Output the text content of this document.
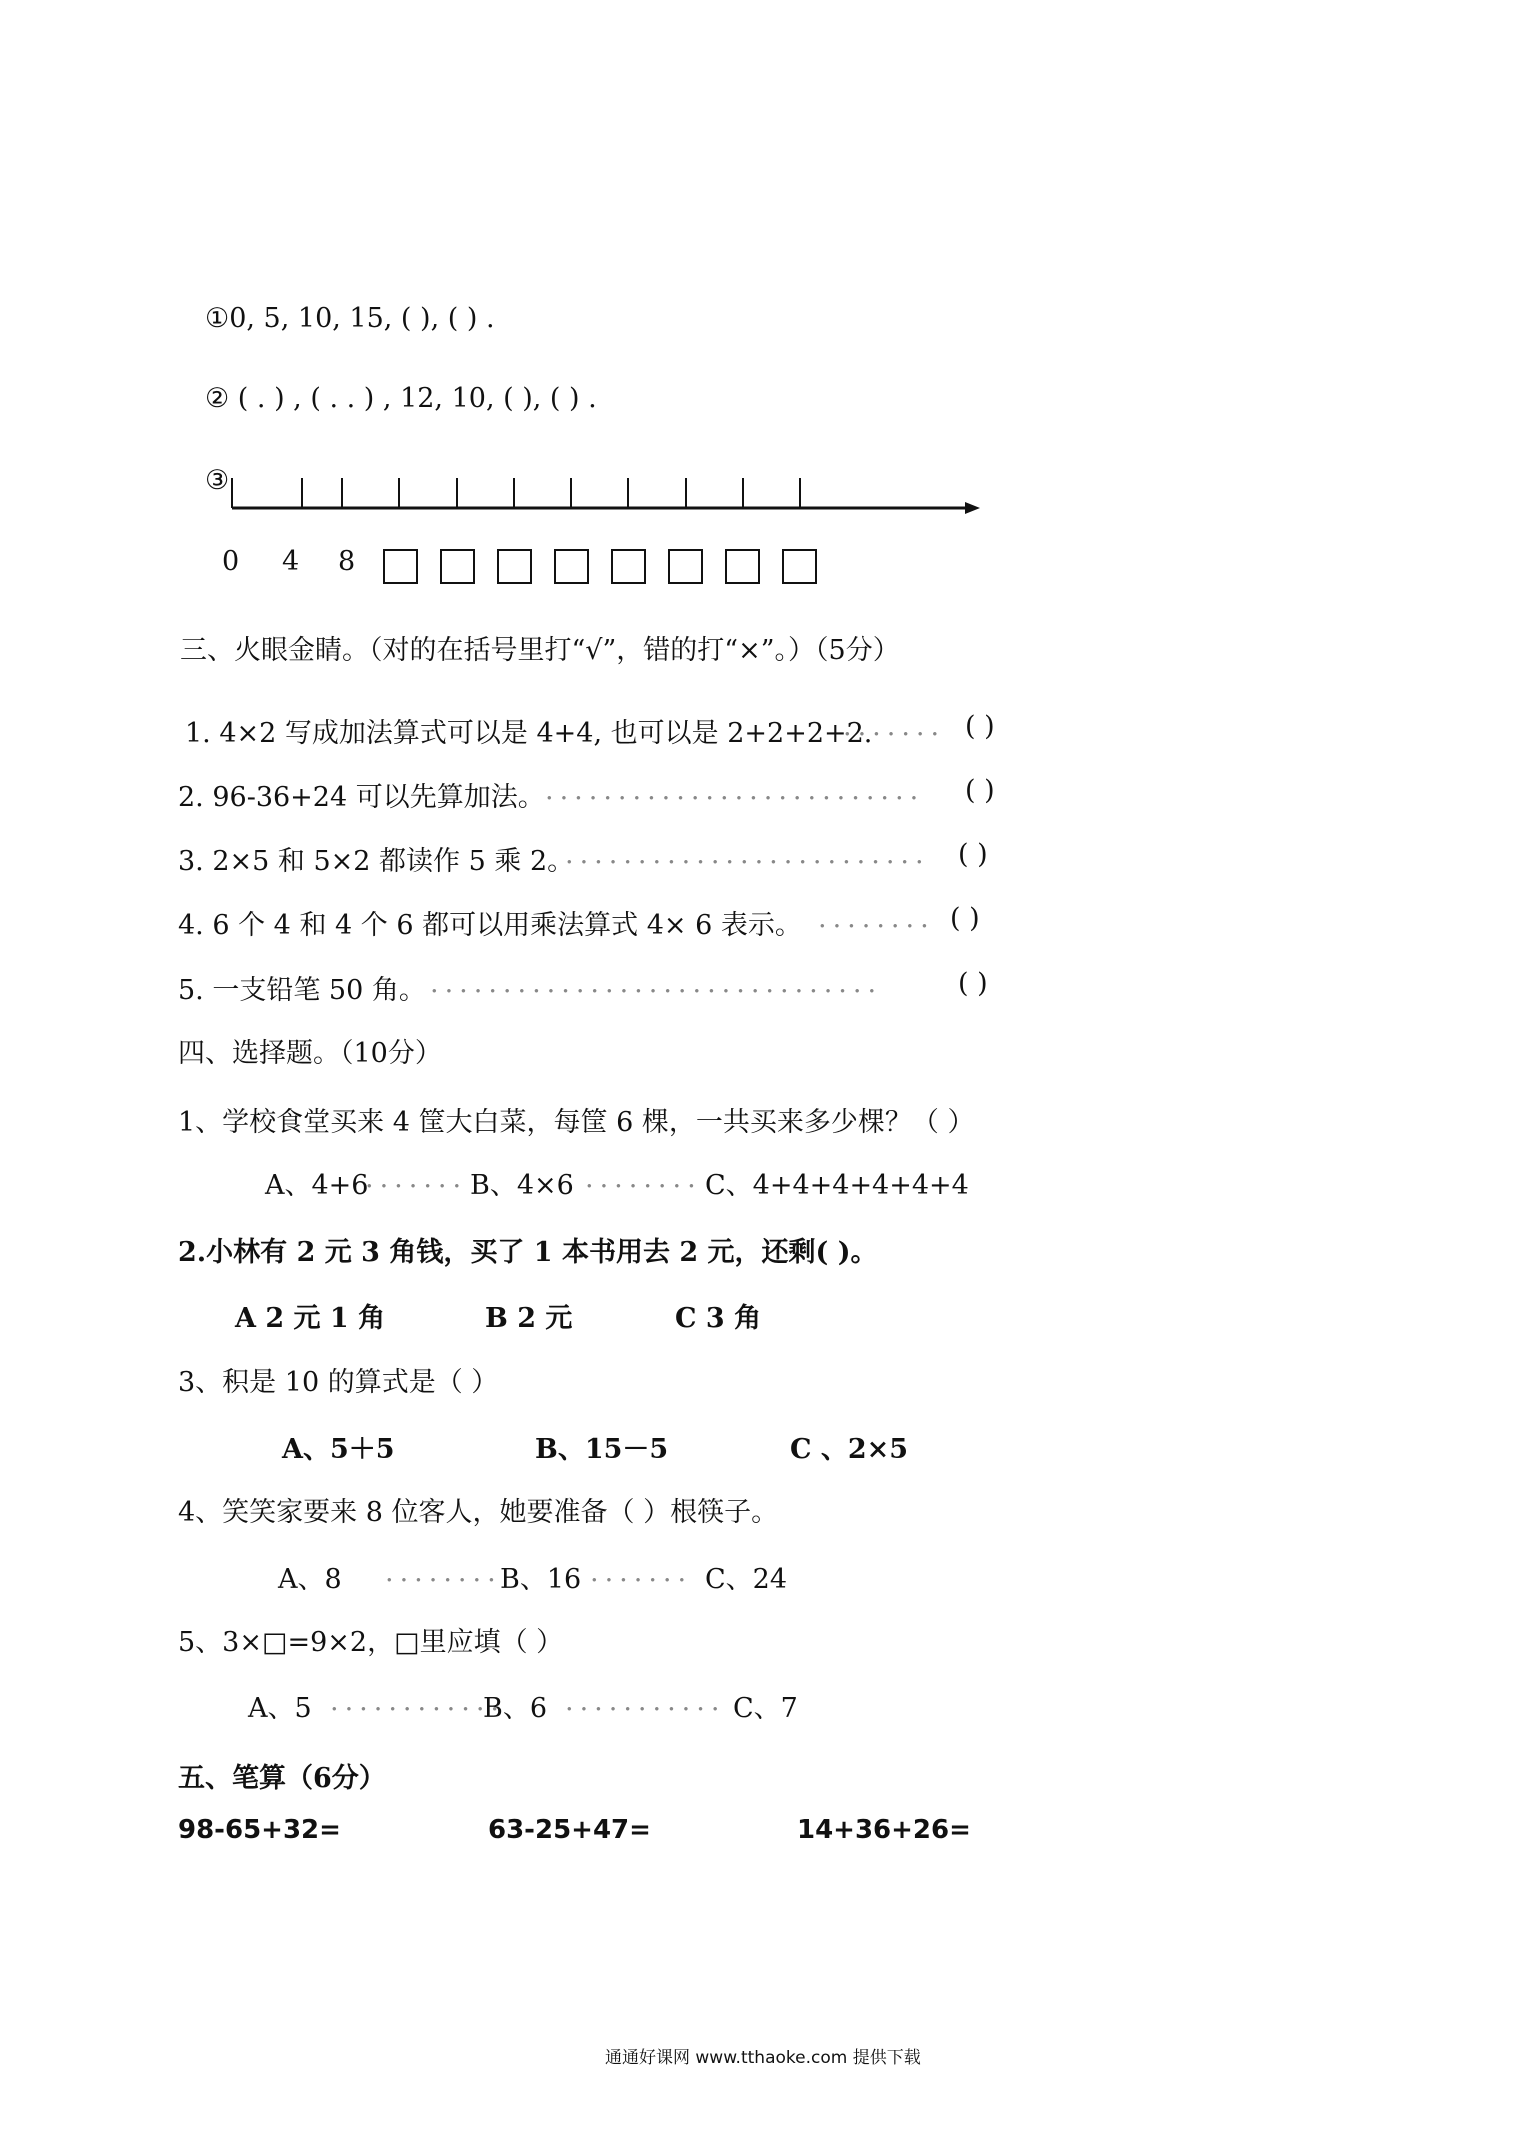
①0, 5, 10, 15, ( ), ( ) .
② ( . ) , ( . . ) , 12, 10, ( ), ( ) .
③
0 4 8
三、火眼金睛。（对的在括号里打“√”，错的打“×”。）（5分）
1. 4×2 写成加法算式可以是 4+4, 也可以是 2+2+2+2.
....... ( )
2. 96-36+24 可以先算加法。 .......................... ( )
3. 2×5 和 5×2 都读作 5 乘 2。
......................... ( )
4. 6 个 4 和 4 个 6 都可以用乘法算式 4× 6 表示。 ........ ( )
5. 一支铅笔 50 角。 ...............................	( )
四、选择题。（10分）
1、学校食堂买来 4 筐大白菜，每筐 6 棵，一共买来多少棵？（ ）
A、4+6
....... B、4×6 ........ C、4+4+4+4+4+4
2.小林有 2 元 3 角钱，买了 1 本书用去 2 元，还剩( )。
A 2 元 1 角	B 2 元	C 3 角
3、积是 10 的算式是（ ）
A、5＋5	B、15－5	C 、2×5
4、笑笑家要来 8 位客人，她要准备（ ）根筷子。
A、8 ........
B、16 ....... C、24
5、3×□=9×2，□里应填（ ）
A、5 ............
B、6 ........... C、7
五、笔算（6分）
98-65+32=	63-25+47=	14+36+26=
通通好课网 www.tthaoke.com 提供下载
